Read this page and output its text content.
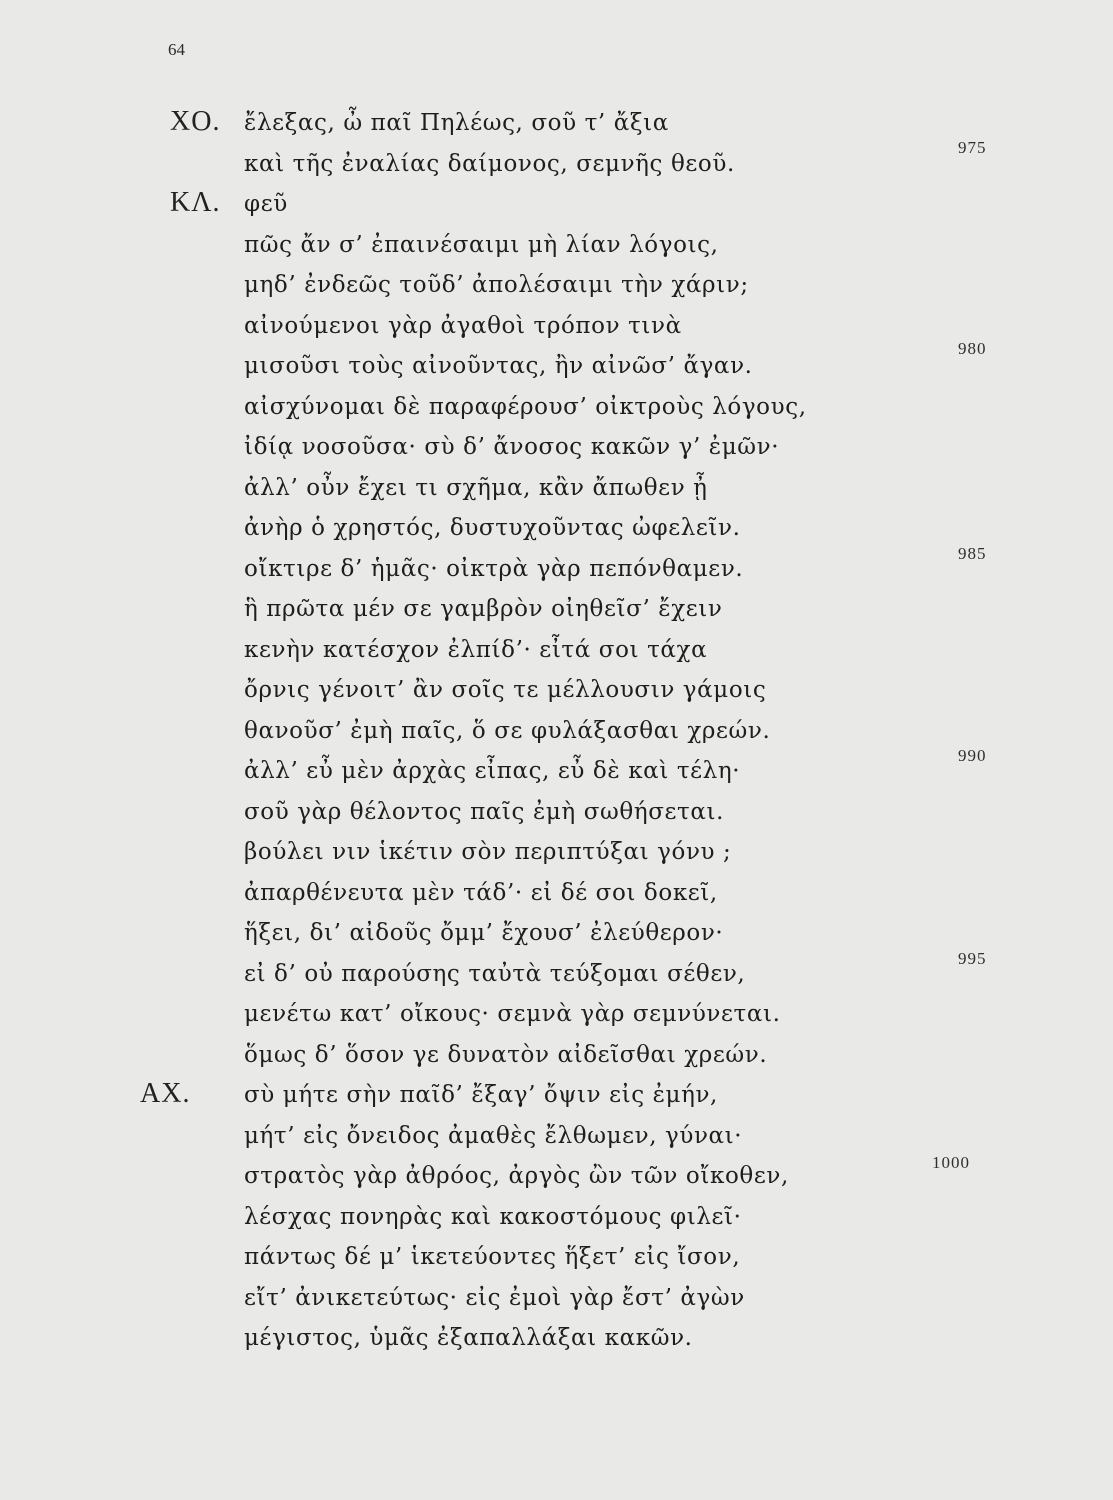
64
ΧΟ. ἔλεξας, ὦ παῖ Πηλέως, σοῦ τ’ ἄξια
975
καὶ τῆς ἐναλίας δαίμονος, σεμνῆς θεοῦ.
ΚΛ. φεῦ
πῶς ἄν σ’ ἐπαινέσαιμι μὴ λίαν λόγοις,
μηδ’ ἐνδεῶς τοῦδ’ ἀπολέσαιμι τὴν χάριν;
αἰνούμενοι γὰρ ἀγαθοὶ τρόπον τινὰ
μισοῦσι τοὺς αἰνοῦντας, ἢν αἰνῶσ’ ἄγαν.
980
αἰσχύνομαι δὲ παραφέρουσ’ οἰκτροὺς λόγους,
ἰδίᾳ νοσοῦσα· σὺ δ’ ἄνοσος κακῶν γ’ ἐμῶν·
ἀλλ’ οὖν ἔχει τι σχῆμα, κἂν ἄπωθεν ᾖ
ἀνὴρ ὁ χρηστός, δυστυχοῦντας ὠφελεῖν.
οἴκτιρε δ’ ἡμᾶς· οἰκτρὰ γὰρ πεπόνθαμεν.
985
ἣ πρῶτα μέν σε γαμβρὸν οἰηθεῖσ’ ἔχειν
κενὴν κατέσχον ἐλπίδ’· εἶτά σοι τάχα
ὄρνις γένοιτ’ ἂν σοῖς τε μέλλουσιν γάμοις
θανοῦσ’ ἐμὴ παῖς, ὅ σε φυλάξασθαι χρεών.
ἀλλ’ εὖ μὲν ἀρχὰς εἶπας, εὖ δὲ καὶ τέλη·
990
σοῦ γὰρ θέλοντος παῖς ἐμὴ σωθήσεται.
βούλει νιν ἱκέτιν σὸν περιπτύξαι γόνυ ;
ἀπαρθένευτα μὲν τάδ’· εἰ δέ σοι δοκεῖ,
ἥξει, δι’ αἰδοῦς ὄμμ’ ἔχουσ’ ἐλεύθερον·
εἰ δ’ οὐ παρούσης ταὐτὰ τεύξομαι σέθεν,
995
μενέτω κατ’ οἴκους· σεμνὰ γὰρ σεμνύνεται.
ὅμως δ’ ὅσον γε δυνατὸν αἰδεῖσθαι χρεών.
ΑΧ. σὺ μήτε σὴν παῖδ’ ἔξαγ’ ὄψιν εἰς ἐμήν,
μήτ’ εἰς ὄνειδος ἀμαθὲς ἔλθωμεν, γύναι·
στρατὸς γὰρ ἀθρόος, ἀργὸς ὢν τῶν οἴκοθεν,
1000
λέσχας πονηρὰς καὶ κακοστόμους φιλεῖ·
πάντως δέ μ’ ἱκετεύοντες ἥξετ’ εἰς ἴσον,
εἴτ’ ἀνικετεύτως· εἰς ἐμοὶ γὰρ ἔστ’ ἀγὼν
μέγιστος, ὑμᾶς ἐξαπαλλάξαι κακῶν.
